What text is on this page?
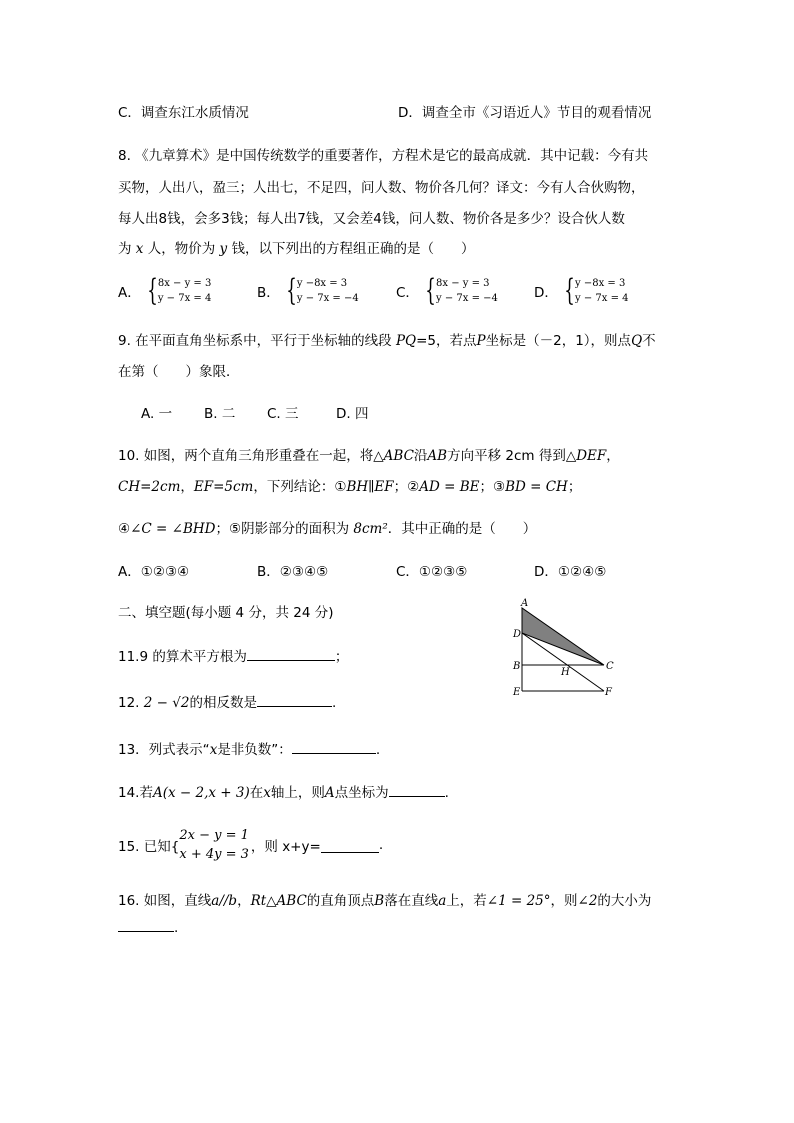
C．调查东江水质情况	D．调查全市《习语近人》节目的观看情况
8. 《九章算术》是中国传统数学的重要著作，方程术是它的最高成就．其中记载：今有共
买物，人出八，盈三；人出七，不足四，问人数、物价各几何？译文：今有人合伙购物，
每人出8钱，会多3钱；每人出7钱，又会差4钱，问人数、物价各是多少？设合伙人数
为 x 人，物价为 y 钱，以下列出的方程组正确的是（　　）
A． { 8x − y = 3
y − 7x = 4	B． { y −8x = 3
y − 7x = −4	C． { 8x − y = 3
y − 7x = −4	D． { y −8x = 3
y − 7x = 4
9. 在平面直角坐标系中，平行于坐标轴的线段 PQ=5，若点P坐标是（－2，1），则点Q不
在第（　　）象限．
A. 一 B. 二 C. 三	D. 四
10. 如图，两个直角三角形重叠在一起，将△ABC沿AB方向平移 2cm 得到△DEF，
CH=2cm，EF=5cm，下列结论：①BH∥EF；②AD = BE；③BD = CH；
④∠C = ∠BHD；⑤阴影部分的面积为 8cm²．其中正确的是（　　）
A．①②③④	B．②③④⑤	C．①②③⑤	D．①②④⑤
A
D
B	C
H
E	F
二、填空题(每小题 4 分，共 24 分)
11.9 的算术平方根为	；
12. 2 − √2的相反数是	.
13．列式表示“x是非负数”：	.
14.若A(x − 2,x + 3)在x轴上，则A点坐标为	.
15. 已知{
2x − y = 1
x + 4y = 3 ，则 x+y=	.
16. 如图，直线a//b，Rt△ABC的直角顶点B落在直线a上，若∠1 = 25°，则∠2的大小为
.
